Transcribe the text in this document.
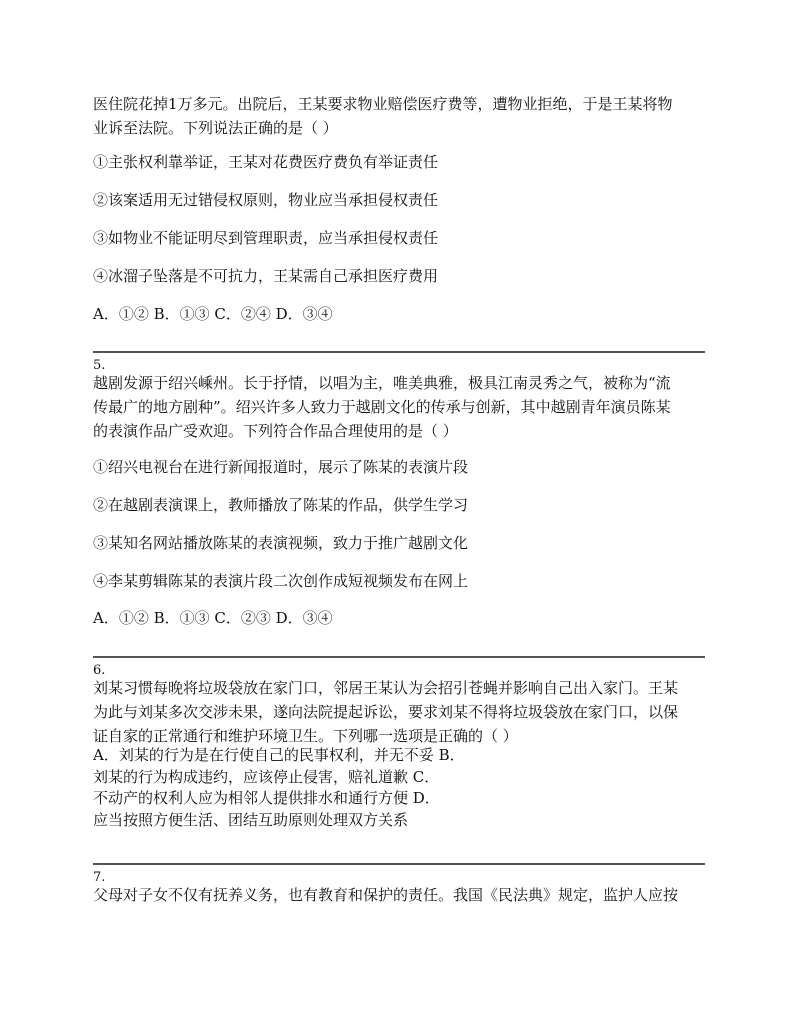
医住院花掉1万多元。出院后，王某要求物业赔偿医疗费等，遭物业拒绝，于是王某将物
业诉至法院。下列说法正确的是（ ）
①主张权利靠举证，王某对花费医疗费负有举证责任
②该案适用无过错侵权原则，物业应当承担侵权责任
③如物业不能证明尽到管理职责，应当承担侵权责任
④冰溜子坠落是不可抗力，王某需自己承担医疗费用
A．①② B．①③ C．②④ D．③④
5.
越剧发源于绍兴嵊州。长于抒情，以唱为主，唯美典雅，极具江南灵秀之气，被称为“流
传最广的地方剧种”。绍兴许多人致力于越剧文化的传承与创新，其中越剧青年演员陈某
的表演作品广受欢迎。下列符合作品合理使用的是（ ）
①绍兴电视台在进行新闻报道时，展示了陈某的表演片段
②在越剧表演课上，教师播放了陈某的作品，供学生学习
③某知名网站播放陈某的表演视频，致力于推广越剧文化
④李某剪辑陈某的表演片段二次创作成短视频发布在网上
A．①② B．①③ C．②③ D．③④
6.
刘某习惯每晚将垃圾袋放在家门口，邻居王某认为会招引苍蝇并影响自己出入家门。王某
为此与刘某多次交涉未果，遂向法院提起诉讼，要求刘某不得将垃圾袋放在家门口，以保
证自家的正常通行和维护环境卫生。下列哪一选项是正确的（ ）
A．刘某的行为是在行使自己的民事权利，并无不妥 B．
刘某的行为构成违约，应该停止侵害，赔礼道歉 C．
不动产的权利人应为相邻人提供排水和通行方便 D．
应当按照方便生活、团结互助原则处理双方关系
7.
父母对子女不仅有抚养义务，也有教育和保护的责任。我国《民法典》规定，监护人应按
